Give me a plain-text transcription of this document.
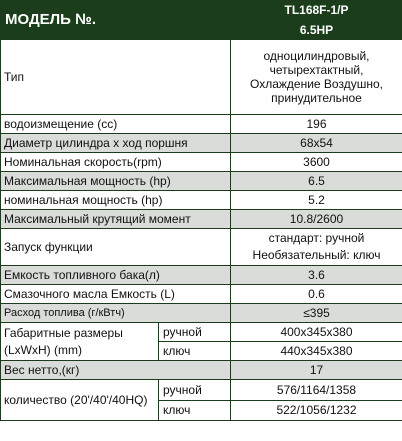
МОДЕЛЬ №.		TL168F-1/P
		6.5HP
Тип		одноцилиндровый,
четырехтактный,
Охлаждение Воздушно,
принудительное

водоизмещение (cc)		196
Диаметр цилиндра x ход поршня		68x54
Номинальная скорость(rpm)		3600
Максимальная мощность (hp)		6.5
номинальная мощность (hp)		5.2
Максимальный крутящий момент		10.8/2600
Запуск функции		стандарт: ручной
Необязательный: ключ

Емкость топливного бака(л)		3.6
Смазочного масла Емкость (L)		0.6
Расход топлива (г/кВтч)		≤395

Габаритные размеры
(LxWxH) (mm)	ручной	400x345x380
	ключ	440x345x380
Вес нетто,(кг)		17
количество (20'/40'/40HQ)	ручной	576/1164/1358
	ключ	522/1056/1232
